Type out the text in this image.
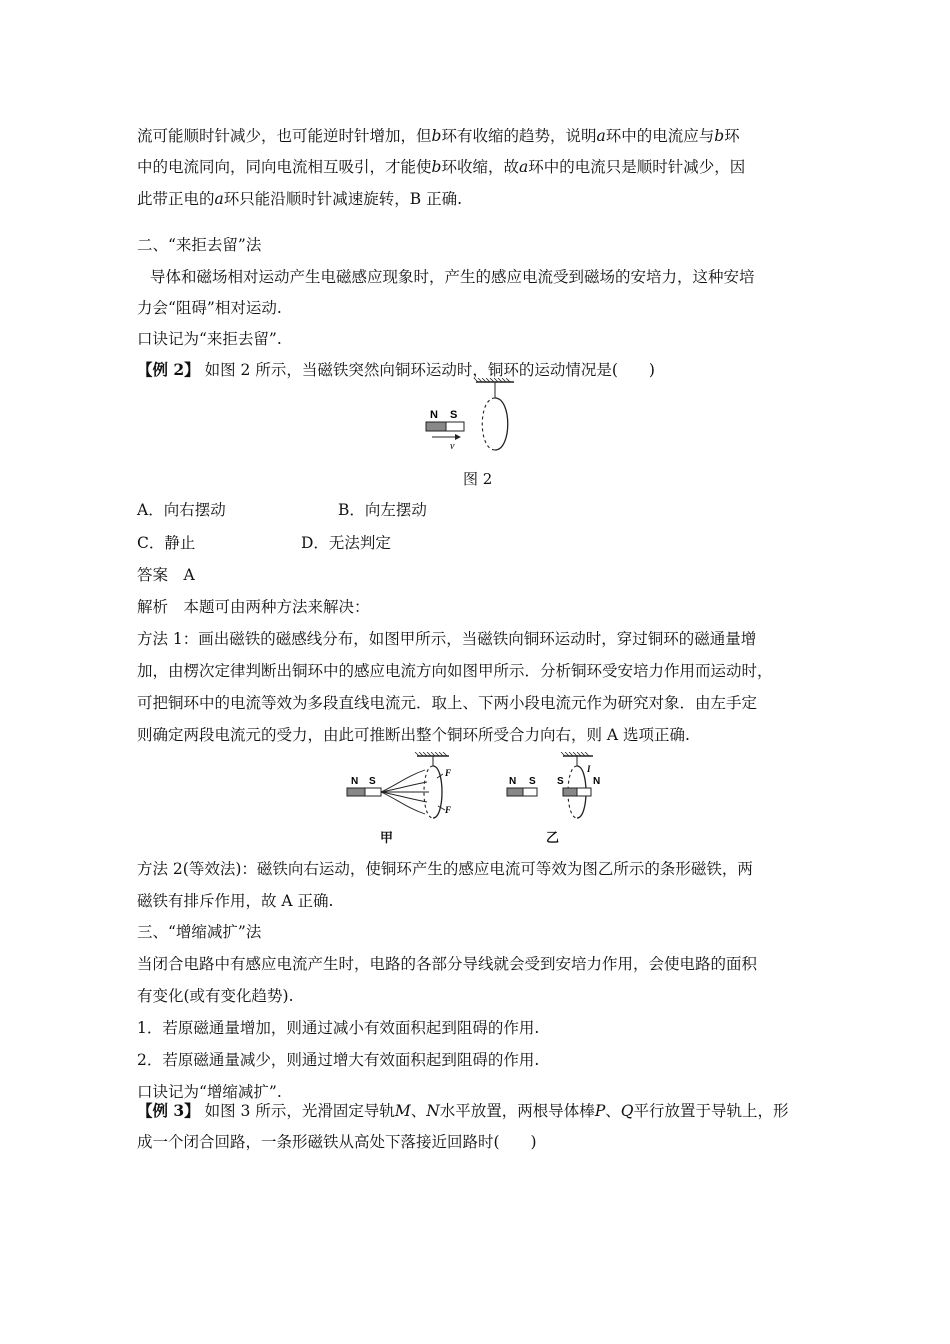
流可能顺时针减少，也可能逆时针增加，但b环有收缩的趋势，说明a环中的电流应与b环
中的电流同向，同向电流相互吸引，才能使b环收缩，故a环中的电流只是顺时针减少，因
此带正电的a环只能沿顺时针减速旋转，B 正确.
二、“来拒去留”法
导体和磁场相对运动产生电磁感应现象时，产生的感应电流受到磁场的安培力，这种安培
力会“阻碍”相对运动.
口诀记为“来拒去留”.
【例 2】 如图 2 所示，当磁铁突然向铜环运动时，铜环的运动情况是(　　)
N S
v
图 2
A．向右摆动	B．向左摆动
C．静止	D．无法判定
答案　A
解析　本题可由两种方法来解决：
方法 1：画出磁铁的磁感线分布，如图甲所示，当磁铁向铜环运动时，穿过铜环的磁通量增
加，由楞次定律判断出铜环中的感应电流方向如图甲所示．分析铜环受安培力作用而运动时，
可把铜环中的电流等效为多段直线电流元．取上、下两小段电流元作为研究对象．由左手定
则确定两段电流元的受力，由此可推断出整个铜环所受合力向右，则 A 选项正确.
N S
F
F
甲
N S S	N
I
乙
方法 2(等效法)：磁铁向右运动，使铜环产生的感应电流可等效为图乙所示的条形磁铁，两
磁铁有排斥作用，故 A 正确.
三、“增缩减扩”法
当闭合电路中有感应电流产生时，电路的各部分导线就会受到安培力作用，会使电路的面积
有变化(或有变化趋势).
1．若原磁通量增加，则通过减小有效面积起到阻碍的作用.
2．若原磁通量减少，则通过增大有效面积起到阻碍的作用.
口诀记为“增缩减扩”.
【例 3】 如图 3 所示，光滑固定导轨M、N水平放置，两根导体棒P、Q平行放置于导轨上，形
成一个闭合回路，一条形磁铁从高处下落接近回路时(　　)
